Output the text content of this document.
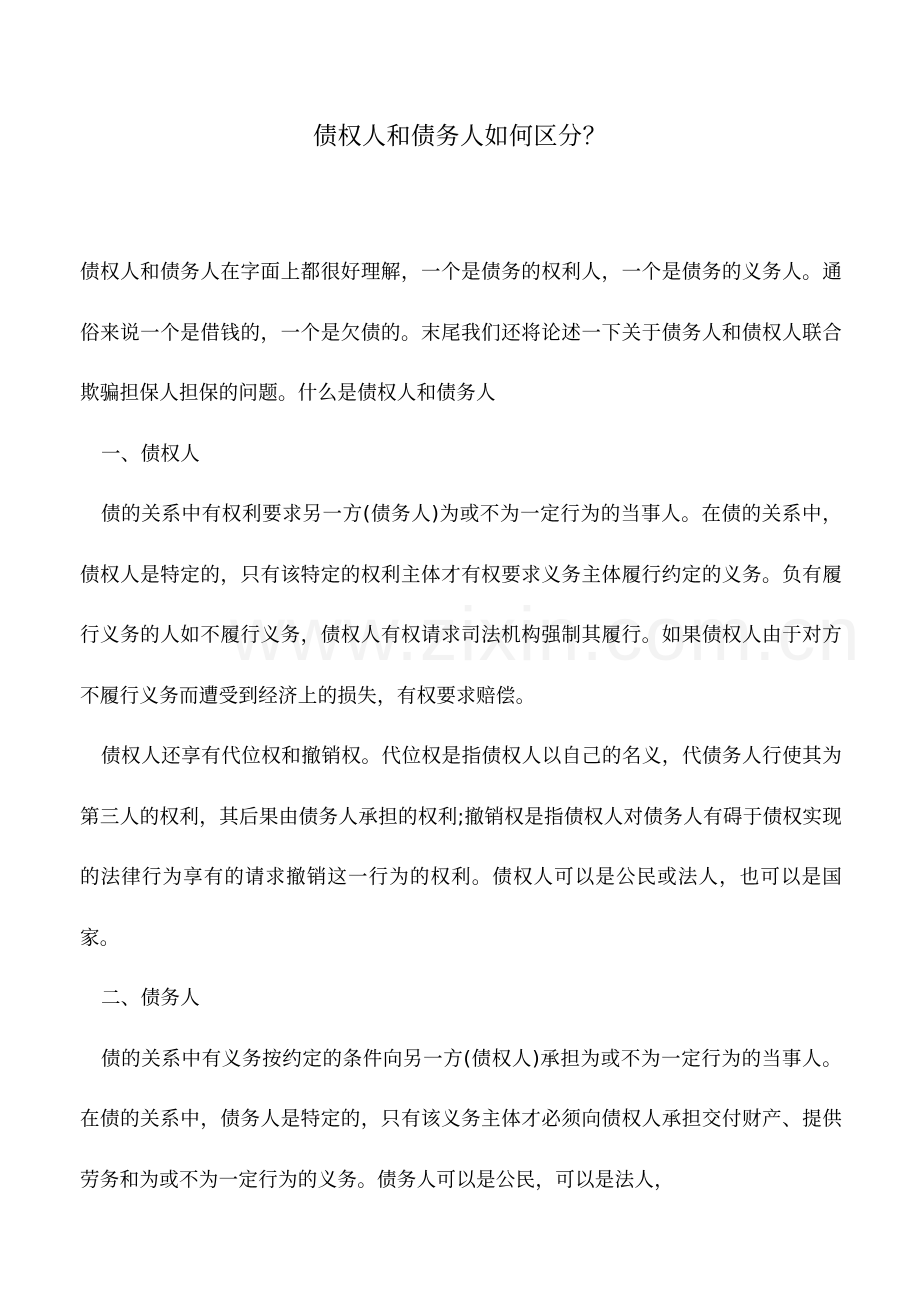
债权人和债务人如何区分？

债权人和债务人在字面上都很好理解，一个是债务的权利人，一个是债务的义务人。通俗来说一个是借钱的，一个是欠债的。末尾我们还将论述一下关于债务人和债权人联合欺骗担保人担保的问题。什么是债权人和债务人

一、债权人

债的关系中有权利要求另一方(债务人)为或不为一定行为的当事人。在债的关系中，债权人是特定的，只有该特定的权利主体才有权要求义务主体履行约定的义务。负有履行义务的人如不履行义务，债权人有权请求司法机构强制其履行。如果债权人由于对方不履行义务而遭受到经济上的损失，有权要求赔偿。

债权人还享有代位权和撤销权。代位权是指债权人以自己的名义，代债务人行使其为第三人的权利，其后果由债务人承担的权利;撤销权是指债权人对债务人有碍于债权实现的法律行为享有的请求撤销这一行为的权利。债权人可以是公民或法人，也可以是国家。

二、债务人

债的关系中有义务按约定的条件向另一方(债权人)承担为或不为一定行为的当事人。在债的关系中，债务人是特定的，只有该义务主体才必须向债权人承担交付财产、提供劳务和为或不为一定行为的义务。债务人可以是公民，可以是法人，
